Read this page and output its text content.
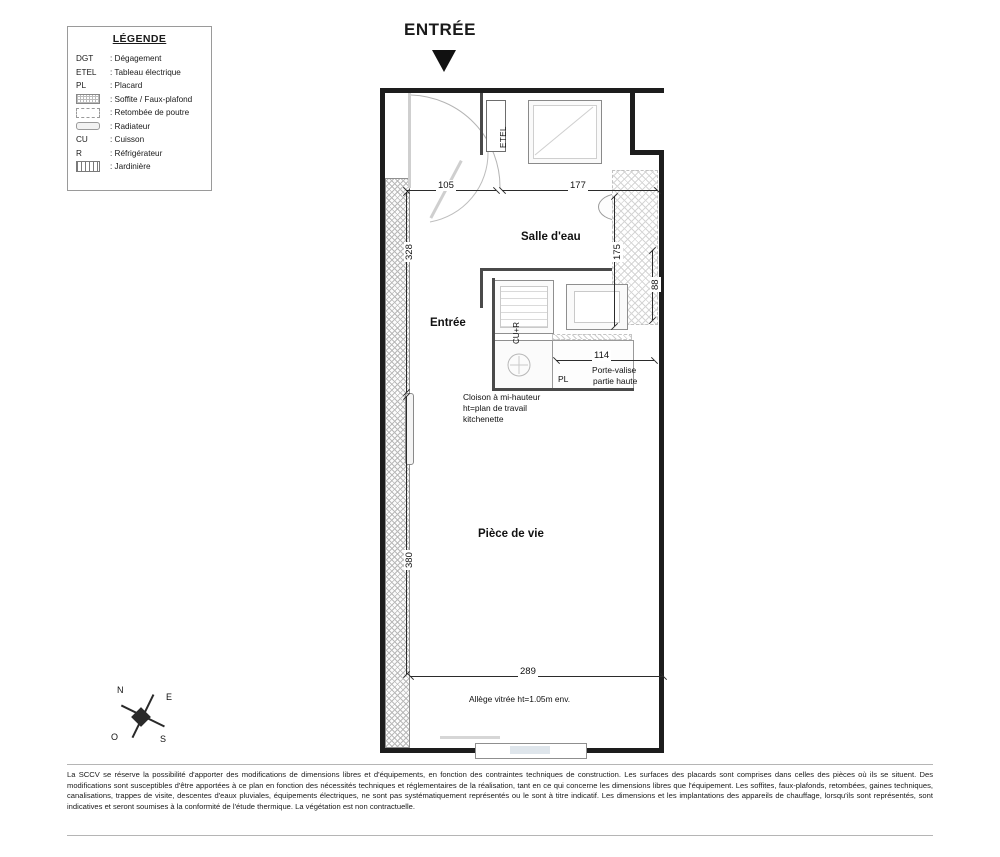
LÉGENDE
DGT : Dégagement
ETEL : Tableau électrique
PL	: Placard
: Soffite / Faux-plafond
: Retombée de poutre
: Radiateur
CU	: Cuisson
R	: Réfrigérateur
: Jardinière
ENTRÉE
ETEL
CU+R
PL
105	177
328	175
88
114
380
289
Salle d'eau
Entrée
Pièce de vie
Porte-valise
partie haute
Cloison à mi-hauteur
ht=plan de travail
kitchenette
Allège vitrée ht=1.05m env.
N
E
S
O

La SCCV se réserve la possibilité d'apporter des modifications de dimensions libres et d'équipements, en fonction des contraintes techniques de construction. Les surfaces des placards sont comprises dans celles des pièces où ils se situent. Des modifications sont susceptibles d'être apportées à ce plan en fonction des nécessités techniques et réglementaires de la réalisation, tant en ce qui concerne les dimensions libres que l'équipement. Les soffites, faux-plafonds, retombées, gaines techniques, canalisations, trappes de visite, descentes d'eaux pluviales, équipements électriques, ne sont pas systématiquement représentés ou le sont à titre indicatif. Les dimensions et les implantations des appareils de chauffage, lorsqu'ils sont représentés, sont indicatives et seront soumises à la conformité de l'étude thermique. La végétation est non contractuelle.
